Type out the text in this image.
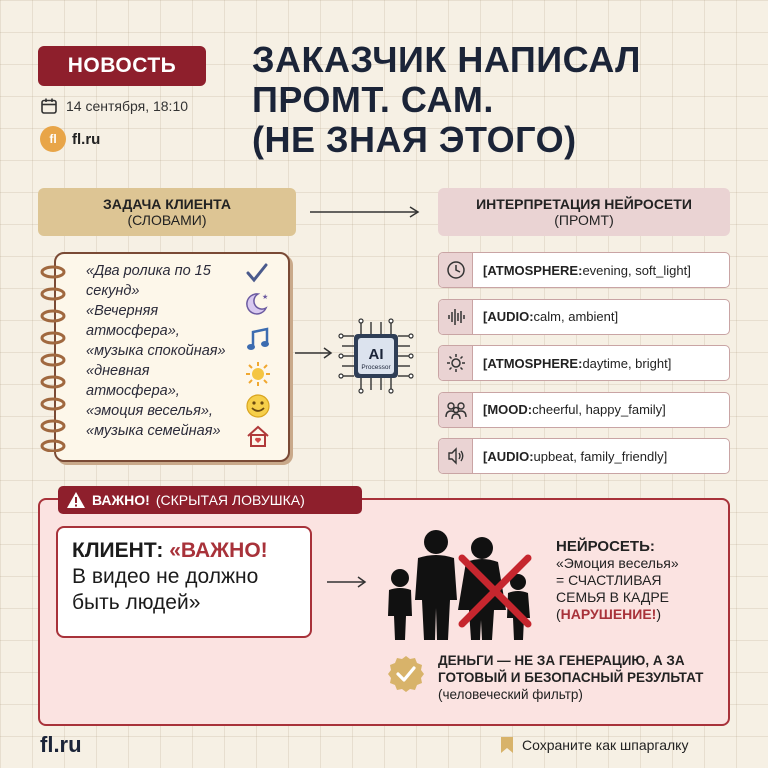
НОВОСТЬ
14 сентября, 18:10
fl	fl.ru
ЗАКАЗЧИК НАПИСАЛ
ПРОМТ. САМ.
(НЕ ЗНАЯ ЭТОГО)
ЗАДАЧА КЛИЕНТА
(СЛОВАМИ)
ИНТЕРПРЕТАЦИЯ НЕЙРОСЕТИ
(ПРОМТ)
«Два ролика по 15
секунд»
«Вечерняя
атмосфера»,
«музыка спокойная»
«дневная
атмосфера»,
«эмоция веселья»,
«музыка семейная»
★
AI
Processor
[ATMOSPHERE: evening, soft_light]
[AUDIO: calm, ambient]
[ATMOSPHERE: daytime, bright]
[MOOD: cheerful, happy_family]
[AUDIO: upbeat, family_friendly]
ВАЖНО! (СКРЫТАЯ ЛОВУШКА)
КЛИЕНТ: «ВАЖНО!
В видео не должно быть людей»
НЕЙРОСЕТЬ:
«Эмоция веселья»
= СЧАСТЛИВАЯ
СЕМЬЯ В КАДРЕ
(НАРУШЕНИЕ!)
ДЕНЬГИ — НЕ ЗА ГЕНЕРАЦИЮ, А ЗА ГОТОВЫЙ И БЕЗОПАСНЫЙ РЕЗУЛЬТАТ (человеческий фильтр)
fl.ru	Сохраните как шпаргалку
